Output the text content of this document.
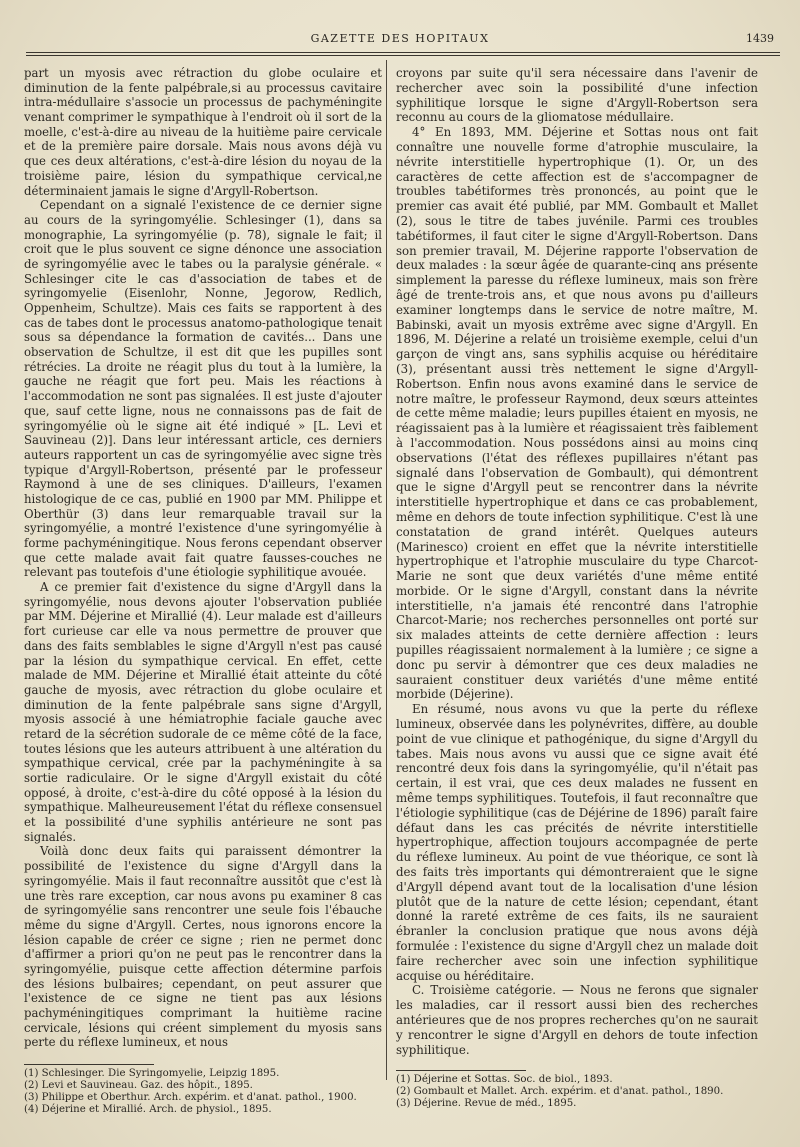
GAZETTE DES HOPITAUX	1439

part un myosis avec rétraction du globe oculaire et diminution de la fente palpébrale,si au processus cavitaire intra-médullaire s'associe un processus de pachyméningite venant comprimer le sympathique à l'endroit où il sort de la moelle, c'est-à-dire au niveau de la huitième paire cervicale et de la première paire dorsale. Mais nous avons déjà vu que ces deux altérations, c'est-à-dire lésion du noyau de la troisième paire, lésion du sympathique cervical,ne déterminaient jamais le signe d'Argyll-Robertson.

Cependant on a signalé l'existence de ce dernier signe au cours de la syringomyélie. Schlesinger (1), dans sa monographie, La syringomyélie (p. 78), signale le fait; il croit que le plus souvent ce signe dénonce une association de syringomyélie avec le tabes ou la paralysie générale. « Schlesinger cite le cas d'association de tabes et de syringomyelie (Eisenlohr, Nonne, Jegorow, Redlich, Oppenheim, Schultze). Mais ces faits se rapportent à des cas de tabes dont le processus anatomo-pathologique tenait sous sa dépendance la formation de cavités... Dans une observation de Schultze, il est dit que les pupilles sont rétrécies. La droite ne réagit plus du tout à la lumière, la gauche ne réagit que fort peu. Mais les réactions à l'accommodation ne sont pas signalées. Il est juste d'ajouter que, sauf cette ligne, nous ne connaissons pas de fait de syringomyélie où le signe ait été indiqué » [L. Levi et Sauvineau (2)]. Dans leur intéressant article, ces derniers auteurs rapportent un cas de syringomyélie avec signe très typique d'Argyll-Robertson, présenté par le professeur Raymond à une de ses cliniques. D'ailleurs, l'examen histologique de ce cas, publié en 1900 par MM. Philippe et Oberthür (3) dans leur remarquable travail sur la syringomyélie, a montré l'existence d'une syringomyélie à forme pachyméningitique. Nous ferons cependant observer que cette malade avait fait quatre fausses-couches ne relevant pas toutefois d'une étiologie syphilitique avouée.

A ce premier fait d'existence du signe d'Argyll dans la syringomyélie, nous devons ajouter l'observation publiée par MM. Déjerine et Mirallié (4). Leur malade est d'ailleurs fort curieuse car elle va nous permettre de prouver que dans des faits semblables le signe d'Argyll n'est pas causé par la lésion du sympathique cervical. En effet, cette malade de MM. Déjerine et Mirallié était atteinte du côté gauche de myosis, avec rétraction du globe oculaire et diminution de la fente palpébrale sans signe d'Argyll, myosis associé à une hémiatrophie faciale gauche avec retard de la sécrétion sudorale de ce même côté de la face, toutes lésions que les auteurs attribuent à une altération du sympathique cervical, crée par la pachyméningite à sa sortie radiculaire. Or le signe d'Argyll existait du côté opposé, à droite, c'est-à-dire du côté opposé à la lésion du sympathique. Malheureusement l'état du réflexe consensuel et la possibilité d'une syphilis antérieure ne sont pas signalés.

Voilà donc deux faits qui paraissent démontrer la possibilité de l'existence du signe d'Argyll dans la syringomyélie. Mais il faut reconnaître aussitôt que c'est là une très rare exception, car nous avons pu examiner 8 cas de syringomyélie sans rencontrer une seule fois l'ébauche même du signe d'Argyll. Certes, nous ignorons encore la lésion capable de créer ce signe ; rien ne permet donc d'affirmer a priori qu'on ne peut pas le rencontrer dans la syringomyélie, puisque cette affection détermine parfois des lésions bulbaires; cependant, on peut assurer que l'existence de ce signe ne tient pas aux lésions pachyméningitiques comprimant la huitième racine cervicale, lésions qui créent simplement du myosis sans perte du réflexe lumineux, et nous

croyons par suite qu'il sera nécessaire dans l'avenir de rechercher avec soin la possibilité d'une infection syphilitique lorsque le signe d'Argyll-Robertson sera reconnu au cours de la gliomatose médullaire.

4° En 1893, MM. Déjerine et Sottas nous ont fait connaître une nouvelle forme d'atrophie musculaire, la névrite interstitielle hypertrophique (1). Or, un des caractères de cette affection est de s'accompagner de troubles tabétiformes très prononcés, au point que le premier cas avait été publié, par MM. Gombault et Mallet (2), sous le titre de tabes juvénile. Parmi ces troubles tabétiformes, il faut citer le signe d'Argyll-Robertson. Dans son premier travail, M. Déjerine rapporte l'observation de deux malades : la sœur âgée de quarante-cinq ans présente simplement la paresse du réflexe lumineux, mais son frère âgé de trente-trois ans, et que nous avons pu d'ailleurs examiner longtemps dans le service de notre maître, M. Babinski, avait un myosis extrême avec signe d'Argyll. En 1896, M. Déjerine a relaté un troisième exemple, celui d'un garçon de vingt ans, sans syphilis acquise ou héréditaire (3), présentant aussi très nettement le signe d'Argyll-Robertson. Enfin nous avons examiné dans le service de notre maître, le professeur Raymond, deux sœurs atteintes de cette même maladie; leurs pupilles étaient en myosis, ne réagissaient pas à la lumière et réagissaient très faiblement à l'accommodation. Nous possédons ainsi au moins cinq observations (l'état des réflexes pupillaires n'étant pas signalé dans l'observation de Gombault), qui démontrent que le signe d'Argyll peut se rencontrer dans la névrite interstitielle hypertrophique et dans ce cas probablement, même en dehors de toute infection syphilitique. C'est là une constatation de grand intérêt. Quelques auteurs (Marinesco) croient en effet que la névrite interstitielle hypertrophique et l'atrophie musculaire du type Charcot-Marie ne sont que deux variétés d'une même entité morbide. Or le signe d'Argyll, constant dans la névrite interstitielle, n'a jamais été rencontré dans l'atrophie Charcot-Marie; nos recherches personnelles ont porté sur six malades atteints de cette dernière affection : leurs pupilles réagissaient normalement à la lumière ; ce signe a donc pu servir à démontrer que ces deux maladies ne sauraient constituer deux variétés d'une même entité morbide (Déjerine).

En résumé, nous avons vu que la perte du réflexe lumineux, observée dans les polynévrites, diffère, au double point de vue clinique et pathogénique, du signe d'Argyll du tabes. Mais nous avons vu aussi que ce signe avait été rencontré deux fois dans la syringomyélie, qu'il n'était pas certain, il est vrai, que ces deux malades ne fussent en même temps syphilitiques. Toutefois, il faut reconnaître que l'étiologie syphilitique (cas de Déjérine de 1896) paraît faire défaut dans les cas précités de névrite interstitielle hypertrophique, affection toujours accompagnée de perte du réflexe lumineux. Au point de vue théorique, ce sont là des faits très importants qui démontreraient que le signe d'Argyll dépend avant tout de la localisation d'une lésion plutôt que de la nature de cette lésion; cependant, étant donné la rareté extrême de ces faits, ils ne sauraient ébranler la conclusion pratique que nous avons déjà formulée : l'existence du signe d'Argyll chez un malade doit faire rechercher avec soin une infection syphilitique acquise ou héréditaire.

C. Troisième catégorie. — Nous ne ferons que signaler les maladies, car il ressort aussi bien des recherches antérieures que de nos propres recherches qu'on ne saurait y rencontrer le signe d'Argyll en dehors de toute infection syphilitique.

(1) Schlesinger. Die Syringomyelie, Leipzig 1895.
(2) Levi et Sauvineau. Gaz. des hôpit., 1895.
(3) Philippe et Oberthur. Arch. expérim. et d'anat. pathol., 1900.
(4) Déjerine et Mirallié. Arch. de physiol., 1895.
(1) Déjerine et Sottas. Soc. de biol., 1893.
(2) Gombault et Mallet. Arch. expérim. et d'anat. pathol., 1890.
(3) Déjerine. Revue de méd., 1895.
